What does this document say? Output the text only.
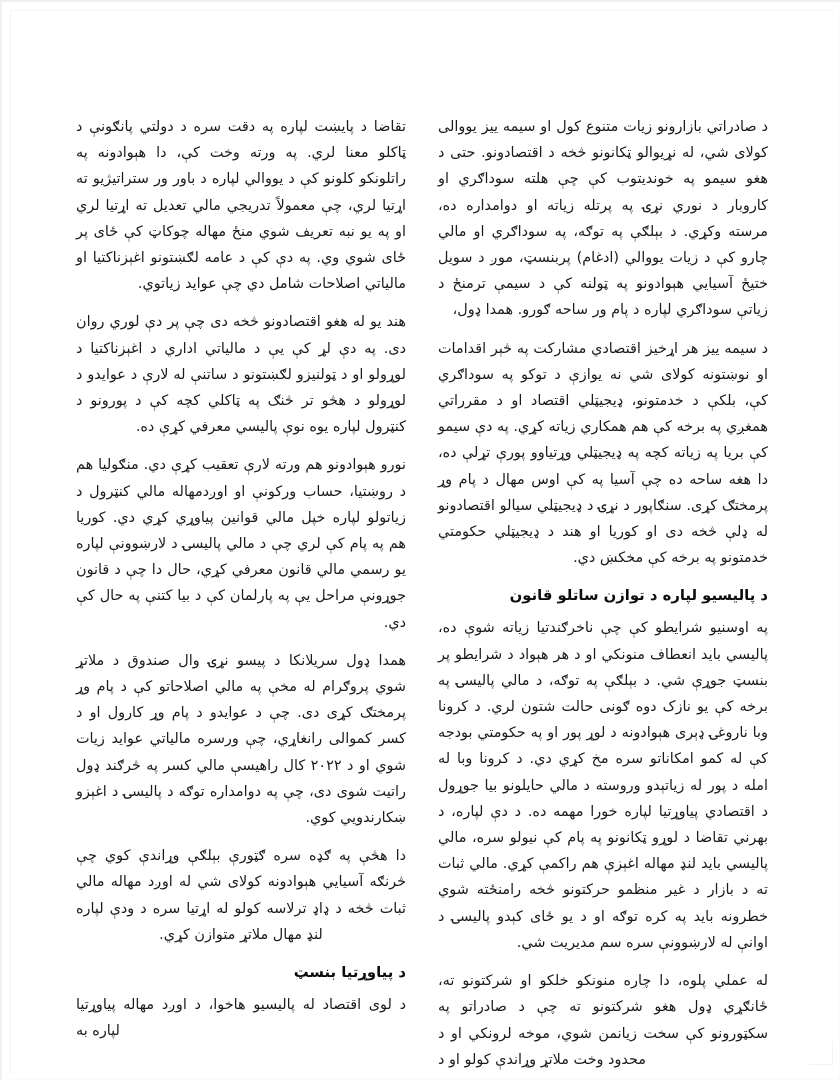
د صادراتي بازارونو زیات متنوع کول او سیمه ییز یووالی کولای شي، له نړیوالو ټکانونو څخه د اقتصادونو. حتی د هغو سیمو په خوندیتوب کې چې هلته سوداګري او کاروبار د نوري نړۍ په پرتله زیاته او دوامداره ده، مرسته وکړي. د بېلګې په توګه، په سوداګري او مالي چارو کې د زیات یووالي (ادغام) پربنسټ، موږ د سویل ختیځ آسیایي هېوادونو په ټولنه کې د سیمې ترمنځ د زیاتې سوداګري لپاره د پام ور ساحه ګورو. همدا ډول،

د سیمه ییز هر اړخیز اقتصادي مشارکت په څېر اقدامات او نوښتونه کولای شي نه یوازې د توکو په سوداګري کې، بلکې د خدمتونو، ډیجیټلي اقتصاد او د مقرراتي همغږي په برخه کې هم همکاري زیاته کړي. په دې سیمو کې بریا په زیاته کچه په ډیجیټلي وړتیاوو پورې تړلې ده، دا هغه ساحه ده چې آسیا په کې اوس مهال د پام وړ پرمختګ کړی. سنګاپور د نړۍ د ډیجیټلي سیالو اقتصادونو له ډلې څخه دی او کوریا او هند د ډیجیټلي حکومتي خدمتونو په برخه کې مخکښ دي.

د پالیسیو لپاره د توازن ساتلو قانون

په اوسنیو شرایطو کې چې ناخرګندتیا زیاته شوې ده، پالیسي باید انعطاف منونکي او د هر هېواد د شرایطو پر بنسټ جوړې شي. د بېلګې په توګه، د مالي پالیسۍ په برخه کې یو نازک دوه ګونی حالت شتون لري. د کرونا وبا ناروغۍ ډېری هېوادونه د لوړ پور او په حکومتي بودجه کې له کمو امکاناتو سره مخ کړي دي. د کرونا وبا له امله د پور له زیاتېدو وروسته د مالي حایلونو بیا جوړول د اقتصادي پیاوړتیا لپاره خورا مهمه ده. د دې لپاره، د بهرني تقاضا د لوړو ټکانونو په پام کې نیولو سره، مالي پالیسي باید لنډ مهاله اغېزې هم راکمې کړي. مالي ثبات ته د بازار د غیر منظمو حرکتونو څخه رامنځته شوي خطرونه باید په کره توګه او د یو ځای کېدو پالیسۍ د اوانې له لارښوونې سره سم مدیریت شي.

له عملي پلوه، دا چاره منونکو خلکو او شرکتونو ته، ځانګړي ډول هغو شرکتونو ته چې د صادراتو په سکټورونو کې سخت زیانمن شوي، موخه لرونکي او د محدود وخت ملاتړ وړاندې کولو او د

تقاضا د پایښت لپاره په دقت سره د دولتي پانګونې د ټاکلو معنا لري. په ورته وخت کې، دا هېوادونه په راتلونکو کلونو کې د یووالي لپاره د باور ور ستراتیژیو ته اړتیا لري، چې معمولاً تدریجي مالي تعدیل ته اړتیا لري او په یو نبه تعریف شوي منځ مهاله چوکاټ کې ځای پر ځای شوي وي. په دې کې د عامه لګښتونو اغېزناکتیا او مالیاتي اصلاحات شامل دي چې عواید زیاتوي.

هند یو له هغو اقتصادونو څخه دی چې پر دې لوري روان دی. په دې لړ کې یې د مالیاتي اداري د اغېزناکتیا د لوړولو او د ټولنیزو لګښتونو د ساتنې له لارې د عوایدو د لوړولو د هڅو تر څنګ په ټاکلي کچه کې د پورونو د کنټرول لپاره یوه نوې پالیسي معرفي کړې ده.

نورو هېوادونو هم ورته لارې تعقیب کړې دي. منګولیا هم د روښتیا، حساب ورکونې او اوږدمهاله مالي کنټرول د زیاتولو لپاره خپل مالي قوانین پیاوړي کړي دي. کوریا هم په پام کې لري چې د مالي پالیسۍ د لارښوونې لپاره یو رسمي مالي قانون معرفي کړي، حال دا چې د قانون جوړونې مراحل یې په پارلمان کې د بیا کتنې په حال کې دي.

همدا ډول سریلانکا د پیسو نړۍ وال صندوق د ملاتړ شوي پروګرام له مخې په مالي اصلاحاتو کې د پام وړ پرمختګ کړی دی. چې د عوایدو د پام وړ کارول او د کسر کموالی رانغاړي، چې ورسره مالیاتي عواید زیات شوي او د ۲۰۲۲ کال راهیسې مالي کسر په څرګند ډول راتیت شوی دی، چې په دوامداره توګه د پالیسۍ د اغېزو ښکارندویي کوي.

دا هڅې په ګډه سره ګټورې بېلګې وړاندې کوي چې څرنګه آسیایي هېوادونه کولای شي له اوږد مهاله مالي ثبات څخه د ډاډ ترلاسه کولو له اړتیا سره د ودې لپاره لنډ مهال ملاتړ متوازن کړي.

د پیاوړتیا بنسټ

د لوی اقتصاد له پالیسیو هاخوا، د اوږد مهاله پیاوړتیا لپاره به
